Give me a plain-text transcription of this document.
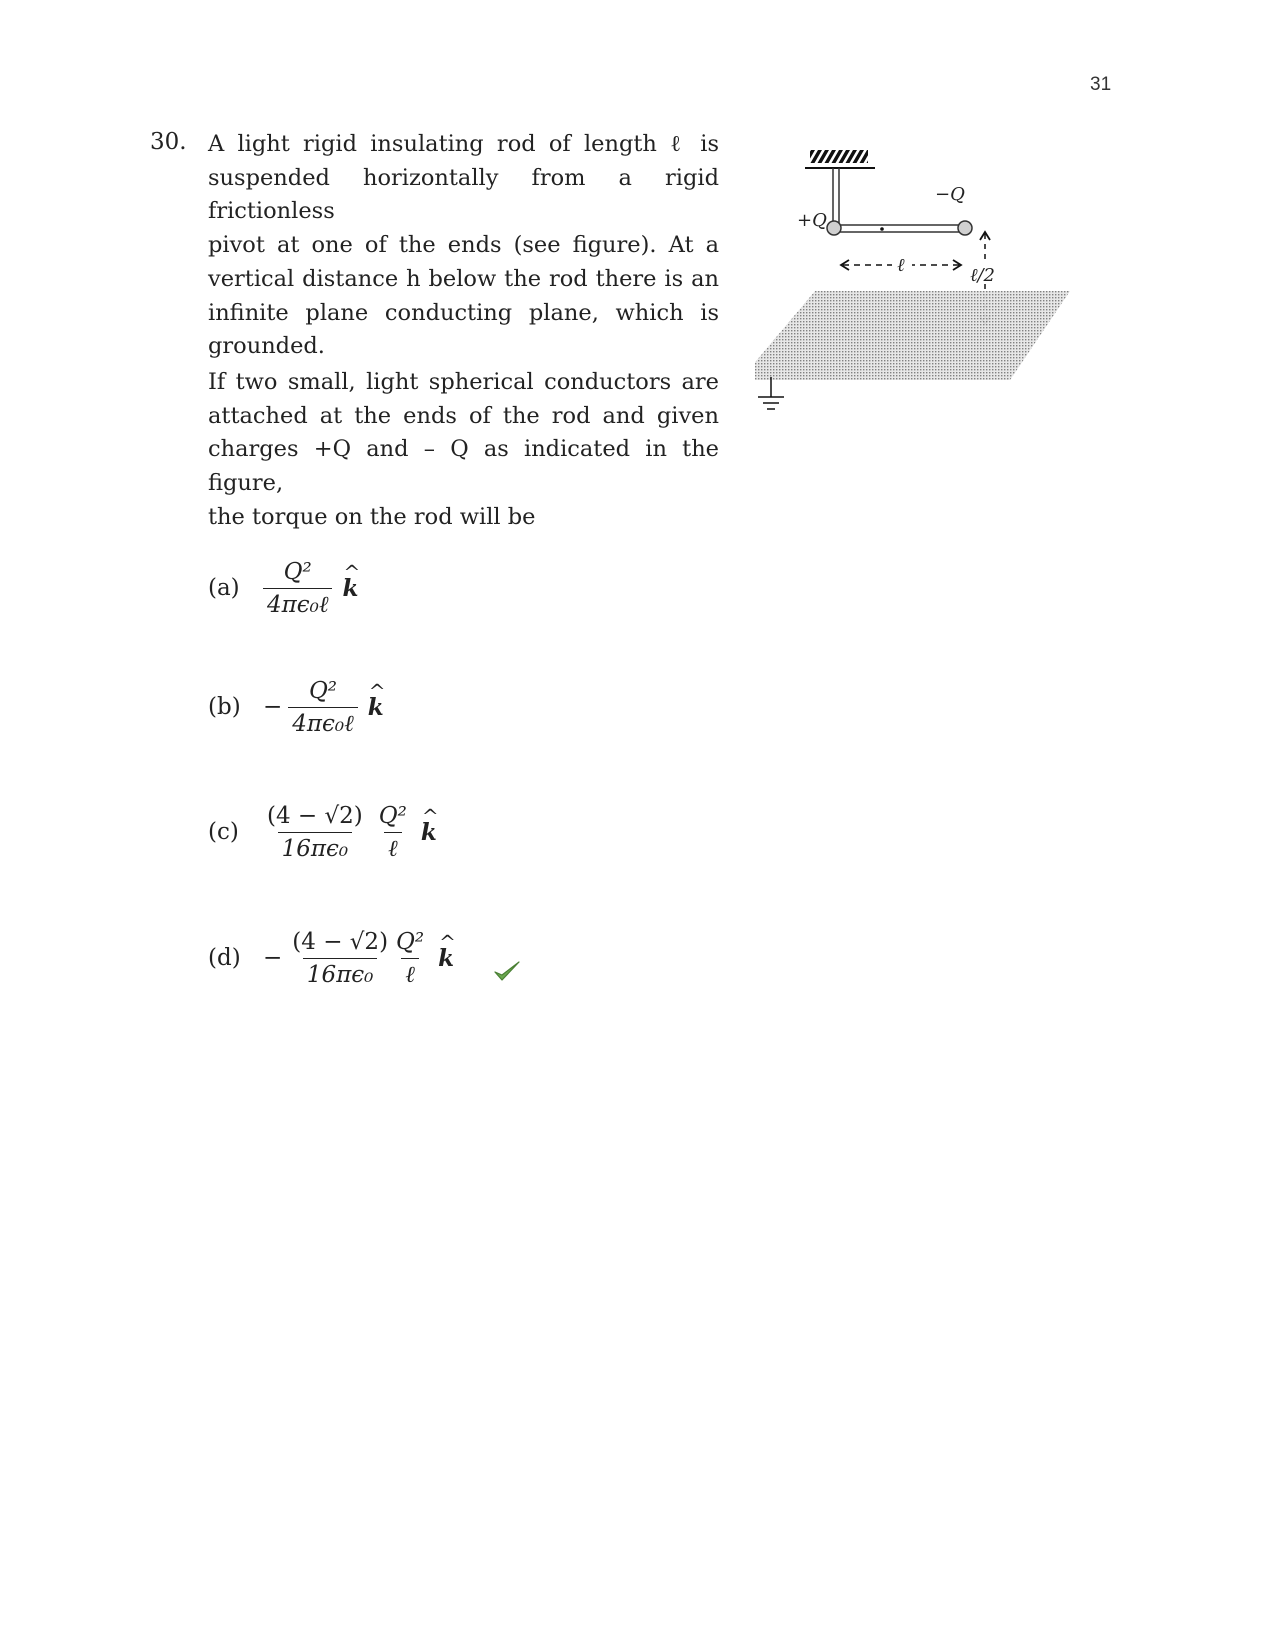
31
30. A light rigid insulating rod of length ℓ is
suspended horizontally from a rigid frictionless
pivot at one of the ends (see figure). At a
vertical distance h below the rod there is an
infinite plane conducting plane, which is
grounded.
If two small, light spherical conductors are
attached at the ends of the rod and given
charges +Q and – Q as indicated in the figure,
the torque on the rod will be
(a)	$\frac{\text{Q²}}{\text{4πϵ₀ℓ}}$ ^ k
$(b) - \frac{\text{Q²}}{\text{4πϵ₀ℓ}}$ ^ k
(c)	$\frac{(4 - √2)}{\text{16πϵ₀}} \frac{\text{Q²}}{\text{ℓ}}$ ^ k
$(d) - \frac{(4 - √2)}{\text{16πϵ₀}} \frac{\text{Q²}}{\text{ℓ}}$ ^ k
+Q
−Q
ℓ	ℓ/2
